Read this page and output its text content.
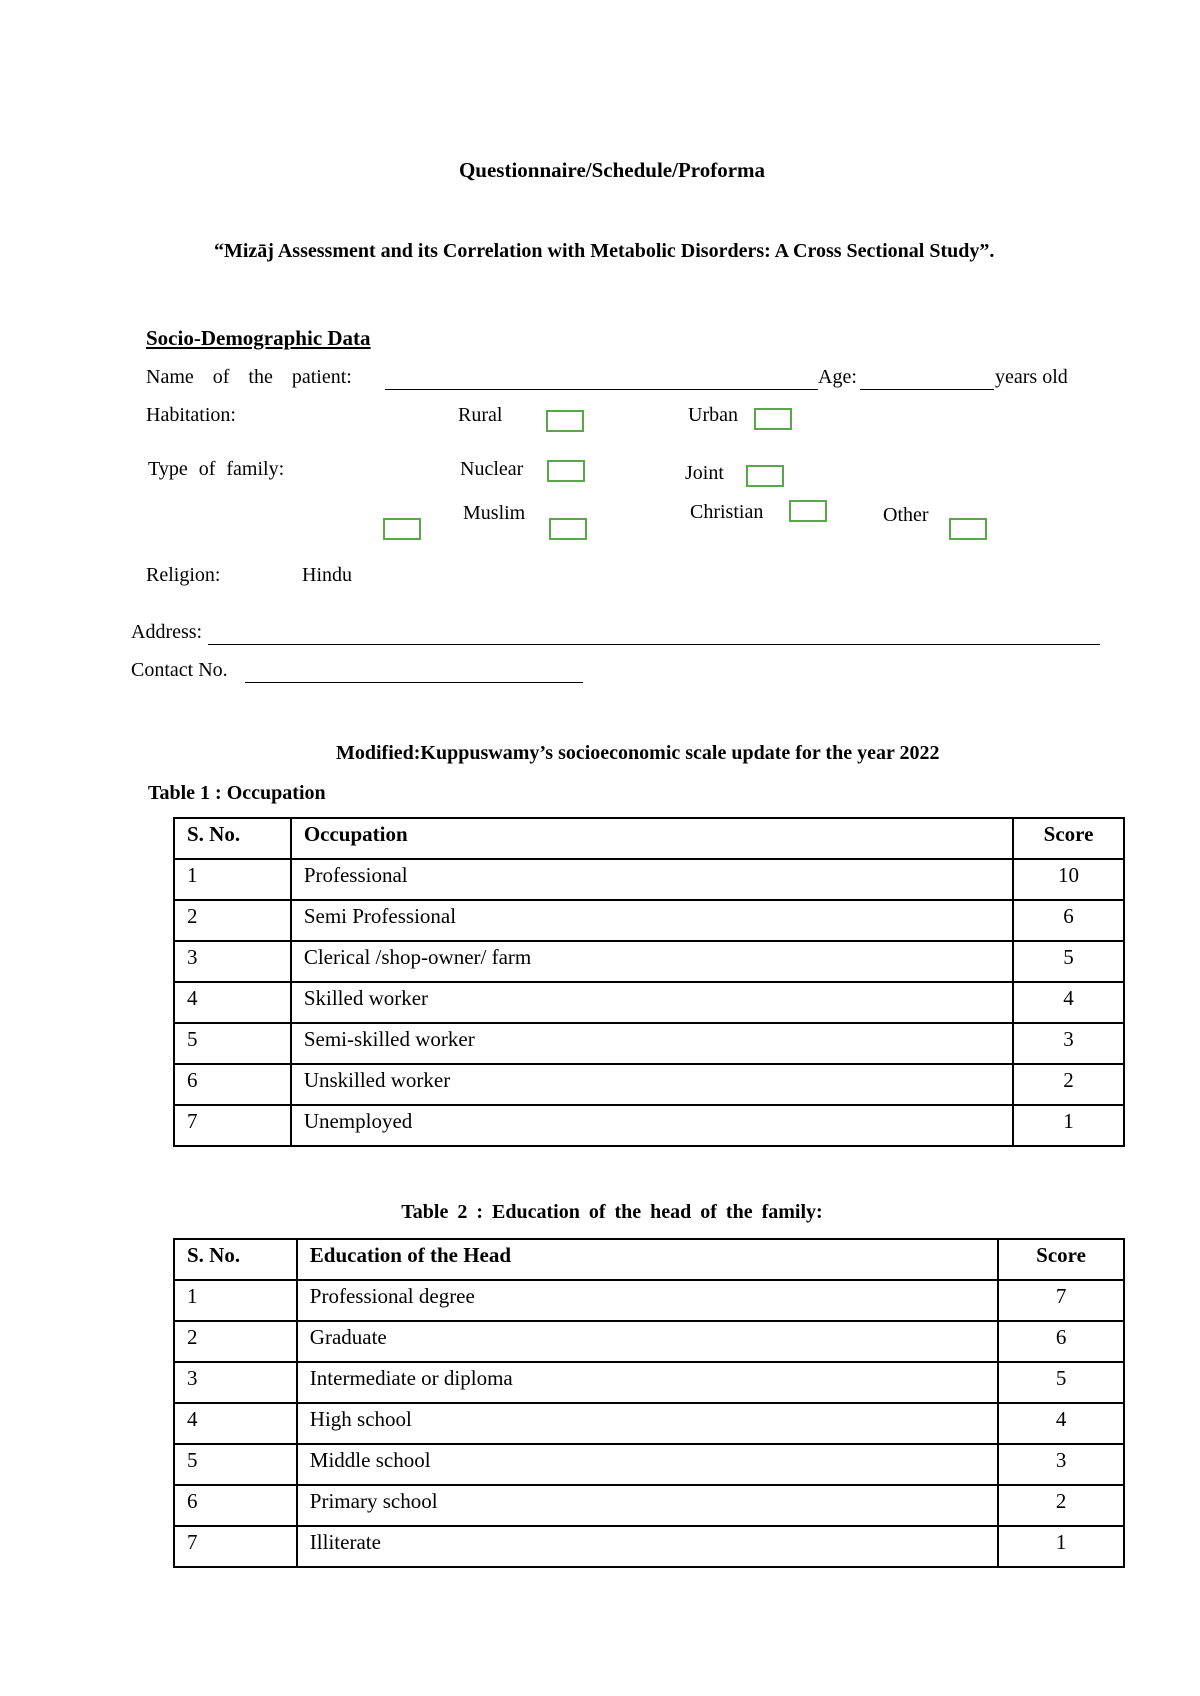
Questionnaire/Schedule/Proforma
“Mizāj Assessment and its Correlation with Metabolic Disorders: A Cross Sectional Study”.
Socio-Demographic Data
Name of the patient:	Age:	years old
Habitation:	Rural	Urban
Type of family:	Nuclear	Joint
Religion:	Hindu
Muslim	Christian	Other
Address:
Contact No.
Modified:Kuppuswamy’s socioeconomic scale update for the year 2022
Table 1 : Occupation
S. No.	Occupation	Score
1	Professional	10
2	Semi Professional	6
3	Clerical /shop-owner/ farm	5
4	Skilled worker	4
5	Semi-skilled worker	3
6	Unskilled worker	2
7	Unemployed	1
Table 2 : Education of the head of the family:
S. No.	Education of the Head	Score
1	Professional degree	7
2	Graduate	6
3	Intermediate or diploma	5
4	High school	4
5	Middle school	3
6	Primary school	2
7	Illiterate	1
